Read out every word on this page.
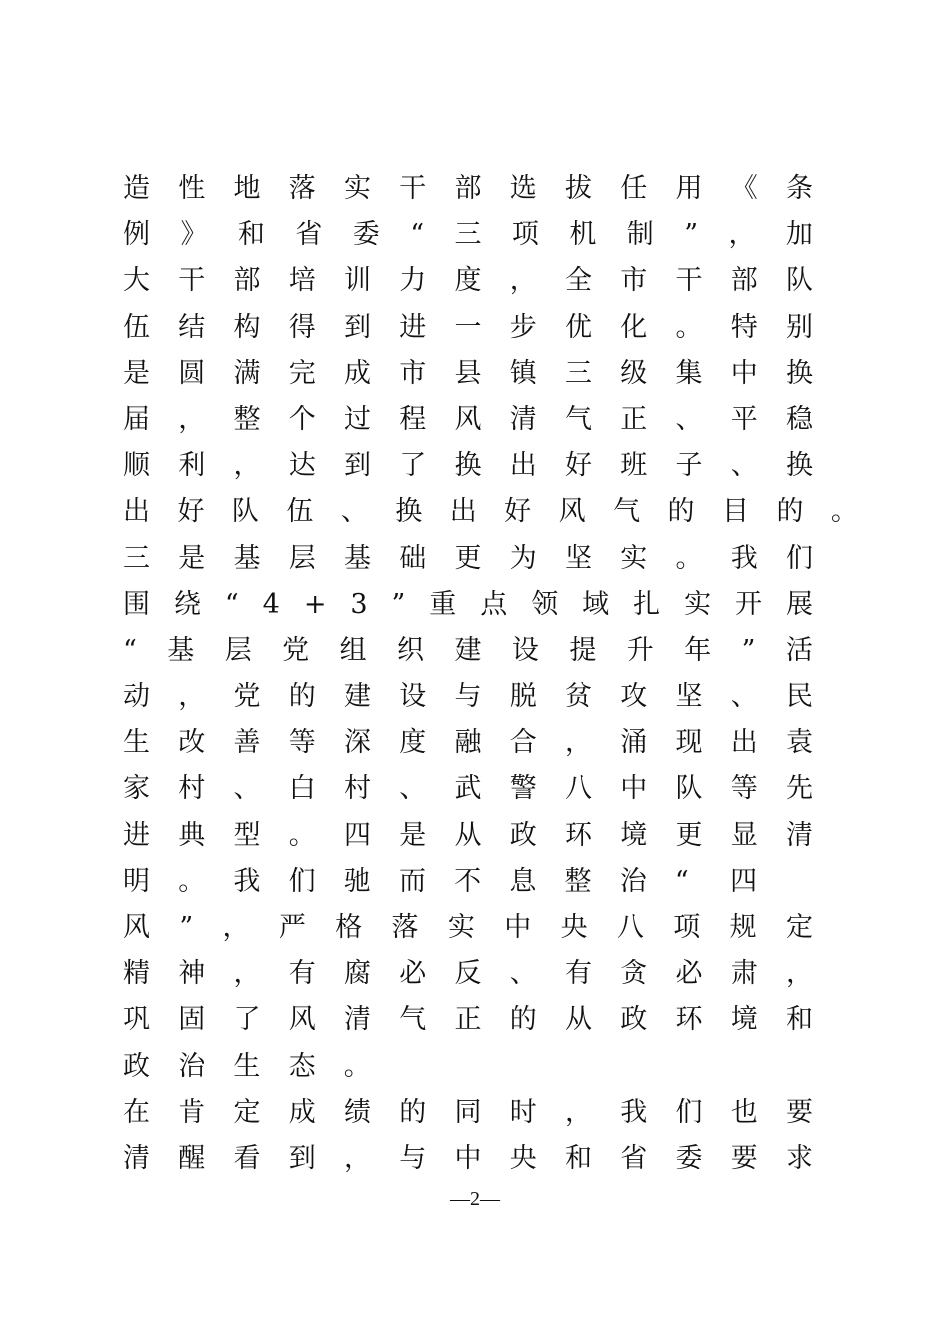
造 性 地 落 实 干 部 选 拔 任 用 《 条
例 》 和 省 委 “ 三 项 机 制 ” ， 加
大 干 部 培 训 力 度 ， 全 市 干 部 队
伍 结 构 得 到 进 一 步 优 化 。 特 别
是 圆 满 完 成 市 县 镇 三 级 集 中 换
届 ， 整 个 过 程 风 清 气 正 、 平 稳
顺 利 ， 达 到 了 换 出 好 班 子 、 换
出 好 队 伍 、 换 出 好 风 气 的 目 的 。
三 是 基 层 基 础 更 为 坚 实 。 我 们
围 绕 “ 4 + 3 ” 重 点 领 域 扎 实 开 展
“ 基 层 党 组 织 建 设 提 升 年 ” 活
动 ， 党 的 建 设 与 脱 贫 攻 坚 、 民
生 改 善 等 深 度 融 合 ， 涌 现 出 袁
家 村 、 白 村 、 武 警 八 中 队 等 先
进 典 型 。 四 是 从 政 环 境 更 显 清
明	。	我	们	驰	而	不	息	整	治	“	四
风 ” ， 严 格 落 实 中 央 八 项 规 定
精 神 ， 有 腐 必 反 、 有 贪 必 肃 ，
巩 固 了 风 清 气 正 的 从 政 环 境 和
政	治	生	态	。
在 肯 定 成 绩 的 同 时 ， 我 们 也 要
清 醒 看 到 ， 与 中 央 和 省 委 要 求
—2—
